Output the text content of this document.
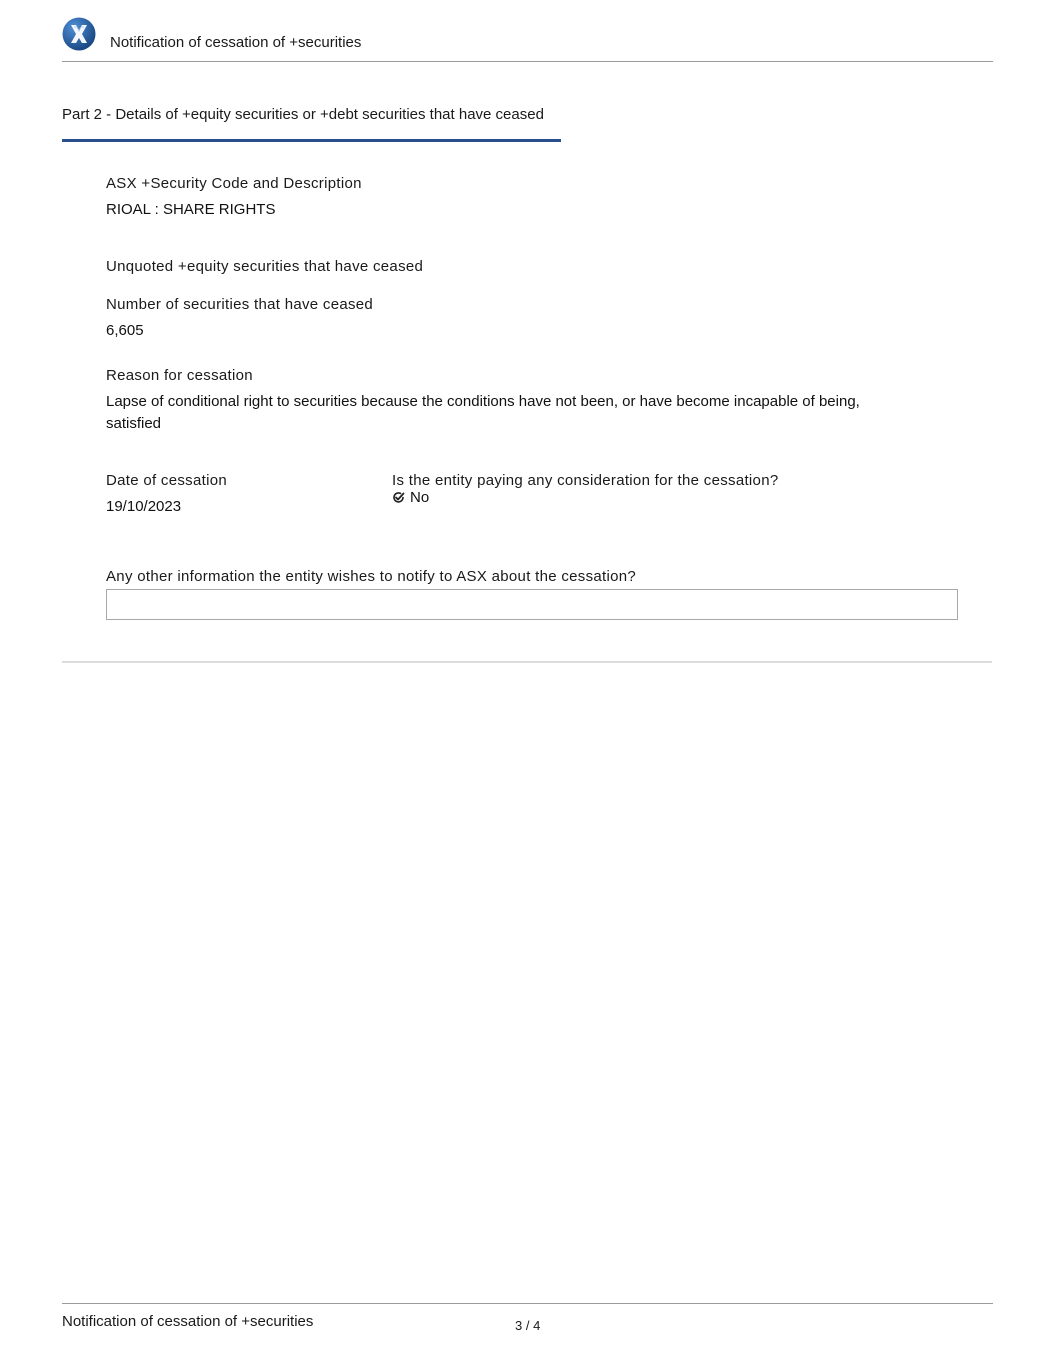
Notification of cessation of +securities
Part 2 - Details of +equity securities or +debt securities that have ceased
ASX +Security Code and Description
RIOAL : SHARE RIGHTS
Unquoted +equity securities that have ceased
Number of securities that have ceased
6,605
Reason for cessation
Lapse of conditional right to securities because the conditions have not been, or have become incapable of being, satisfied
Date of cessation
19/10/2023
Is the entity paying any consideration for the cessation?
No
Any other information the entity wishes to notify to ASX about the cessation?
Notification of cessation of +securities	3 / 4
